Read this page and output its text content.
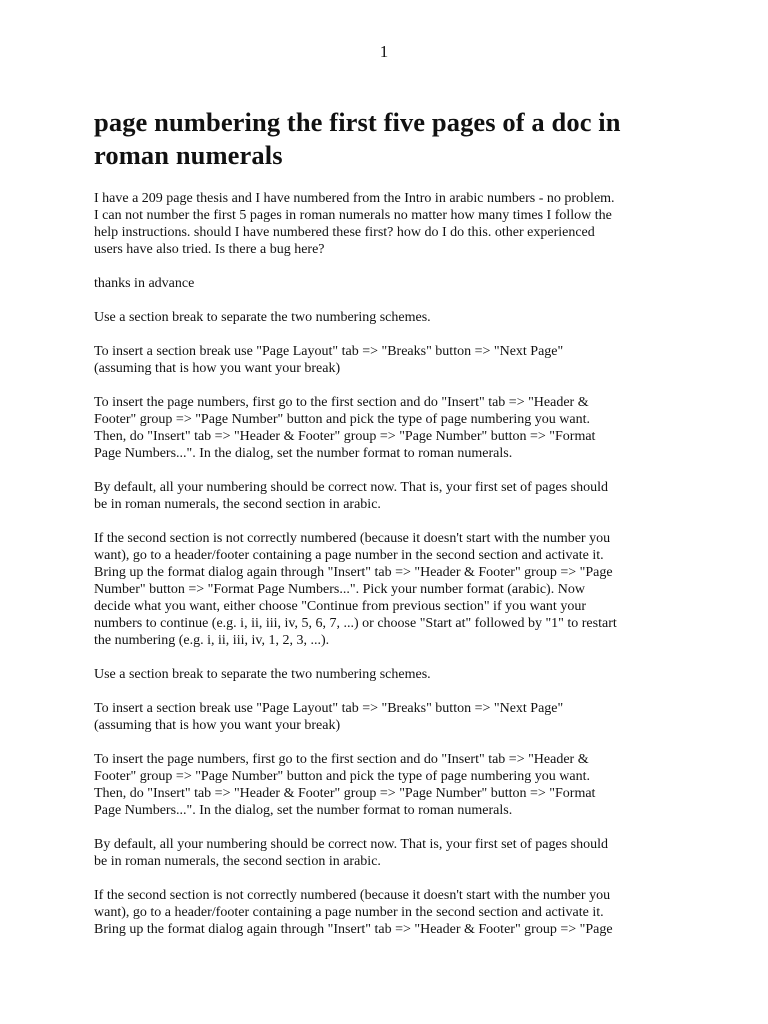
1
page numbering the first five pages of a doc in roman numerals

I have a 209 page thesis and I have numbered from the Intro in arabic numbers - no problem.
I can not number the first 5 pages in roman numerals no matter how many times I follow the
help instructions. should I have numbered these first? how do I do this. other experienced
users have also tried. Is there a bug here?

thanks in advance

Use a section break to separate the two numbering schemes.

To insert a section break use "Page Layout" tab => "Breaks" button => "Next Page"
(assuming that is how you want your break)

To insert the page numbers, first go to the first section and do "Insert" tab => "Header &
Footer" group => "Page Number" button and pick the type of page numbering you want.
Then, do "Insert" tab => "Header & Footer" group => "Page Number" button => "Format
Page Numbers...". In the dialog, set the number format to roman numerals.

By default, all your numbering should be correct now. That is, your first set of pages should
be in roman numerals, the second section in arabic.

If the second section is not correctly numbered (because it doesn't start with the number you
want), go to a header/footer containing a page number in the second section and activate it.
Bring up the format dialog again through "Insert" tab => "Header & Footer" group => "Page
Number" button => "Format Page Numbers...". Pick your number format (arabic). Now
decide what you want, either choose "Continue from previous section" if you want your
numbers to continue (e.g. i, ii, iii, iv, 5, 6, 7, ...) or choose "Start at" followed by "1" to restart
the numbering (e.g. i, ii, iii, iv, 1, 2, 3, ...).

Use a section break to separate the two numbering schemes.

To insert a section break use "Page Layout" tab => "Breaks" button => "Next Page"
(assuming that is how you want your break)

To insert the page numbers, first go to the first section and do "Insert" tab => "Header &
Footer" group => "Page Number" button and pick the type of page numbering you want.
Then, do "Insert" tab => "Header & Footer" group => "Page Number" button => "Format
Page Numbers...". In the dialog, set the number format to roman numerals.

By default, all your numbering should be correct now. That is, your first set of pages should
be in roman numerals, the second section in arabic.

If the second section is not correctly numbered (because it doesn't start with the number you
want), go to a header/footer containing a page number in the second section and activate it.
Bring up the format dialog again through "Insert" tab => "Header & Footer" group => "Page
